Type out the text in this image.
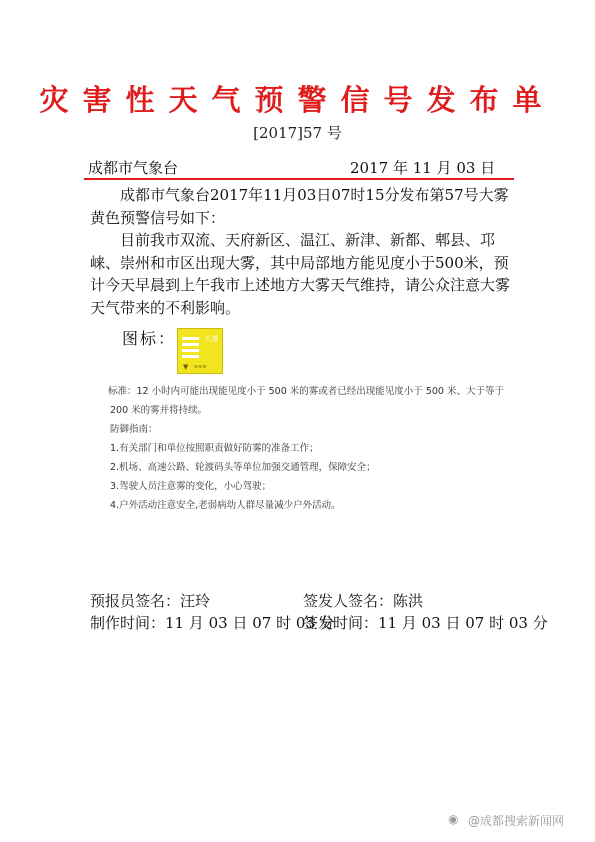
灾害性天气预警信号发布单
[2017]57 号
成都市气象台	2017 年 11 月 03 日
成都市气象台2017年11月03日07时15分发布第57号大雾黄色预警信号如下：
目前我市双流、天府新区、温江、新津、新都、郫县、邛崃、崇州和市区出现大雾，其中局部地方能见度小于500米，预计今天早晨到上午我市上述地方大雾天气维持，请公众注意大雾天气带来的不利影响。
图标：	大雾
▼ ≋≋≋
标准：12 小时内可能出现能见度小于 500 米的雾或者已经出现能见度小于 500 米、大于等于 200 米的雾并将持续。
防御指南：
1.有关部门和单位按照职责做好防雾的准备工作；
2.机场、高速公路、轮渡码头等单位加强交通管理，保障安全；
3.驾驶人员注意雾的变化，小心驾驶；
4.户外活动注意安全,老弱病幼人群尽量减少户外活动。
预报员签名：汪玲	签发人签名：陈洪
制作时间：11 月 03 日 07 时 03 分
签发时间：11 月 03 日 07 时 03 分
◉ @成都搜索新闻网
